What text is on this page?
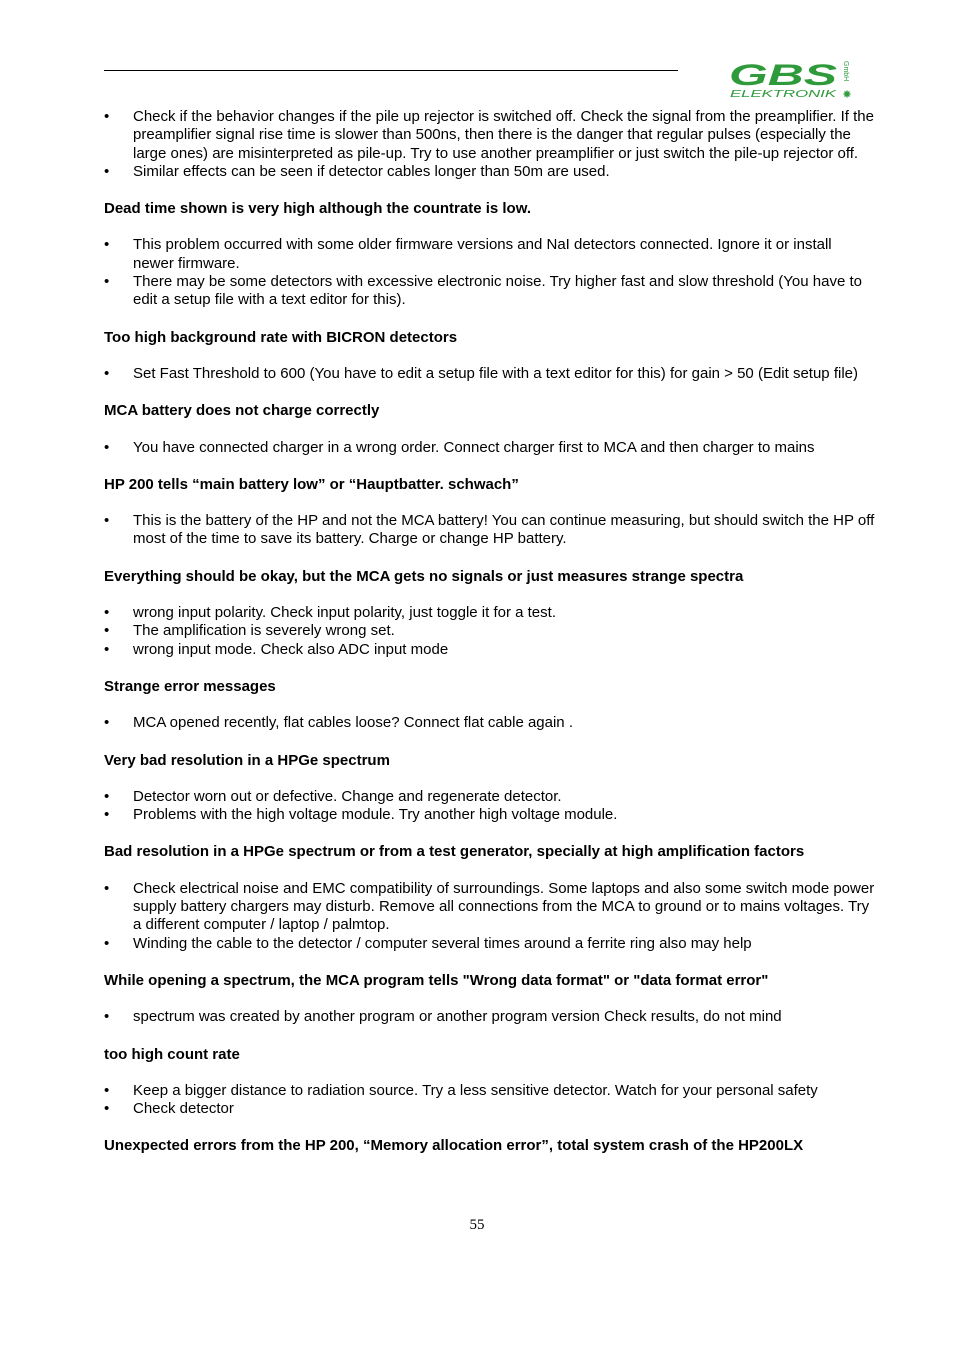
GBS
ELEKTRONIK
GmbH
• Check if the behavior changes if the pile up rejector is switched off. Check the signal from the preamplifier. If the preamplifier signal rise time is slower than 500ns, then there is the danger that regular pulses (especially the large ones) are misinterpreted as pile-up. Try to use another preamplifier or just switch the pile-up rejector off.
• Similar effects can be seen if detector cables longer than 50m are used.
Dead time shown is very high although the countrate is low.
• This problem occurred with some older firmware versions and NaI detectors connected. Ignore it or install newer firmware.
• There may be some detectors with excessive electronic noise. Try higher fast and slow threshold (You have to edit a setup file with a text editor for this).
Too high background rate with BICRON detectors
• Set Fast Threshold to 600 (You have to edit a setup file with a text editor for this) for gain > 50 (Edit setup file)
MCA battery does not charge correctly
• You have connected charger in a wrong order. Connect charger first to MCA and then charger to mains
HP 200 tells “main battery low” or “Hauptbatter. schwach”
• This is the battery of the HP and not the MCA battery! You can continue measuring, but should switch the HP off most of the time to save its battery. Charge or change HP battery.
Everything should be okay, but the MCA gets no signals or just measures strange spectra
• wrong input polarity. Check input polarity, just toggle it for a test.
• The amplification is severely wrong set.
• wrong input mode. Check also ADC input mode
Strange error messages
• MCA opened recently, flat cables loose? Connect flat cable again .
Very bad resolution in a HPGe spectrum
• Detector worn out or defective. Change and regenerate detector.
• Problems with the high voltage module. Try another high voltage module.
Bad resolution in a HPGe spectrum or from a test generator, specially at high amplification factors
• Check electrical noise and EMC compatibility of surroundings. Some laptops and also some switch mode power supply battery chargers may disturb. Remove all connections from the MCA to ground or to mains voltages. Try a different computer / laptop / palmtop.
• Winding the cable to the detector / computer several times around a ferrite ring also may help
While opening a spectrum, the MCA program tells "Wrong data format" or "data format error"
• spectrum was created by another program or another program version Check results, do not mind
too high count rate
• Keep a bigger distance to radiation source. Try a less sensitive detector. Watch for your personal safety
• Check detector
Unexpected errors from the HP 200, “Memory allocation error”, total system crash of the HP200LX
55
